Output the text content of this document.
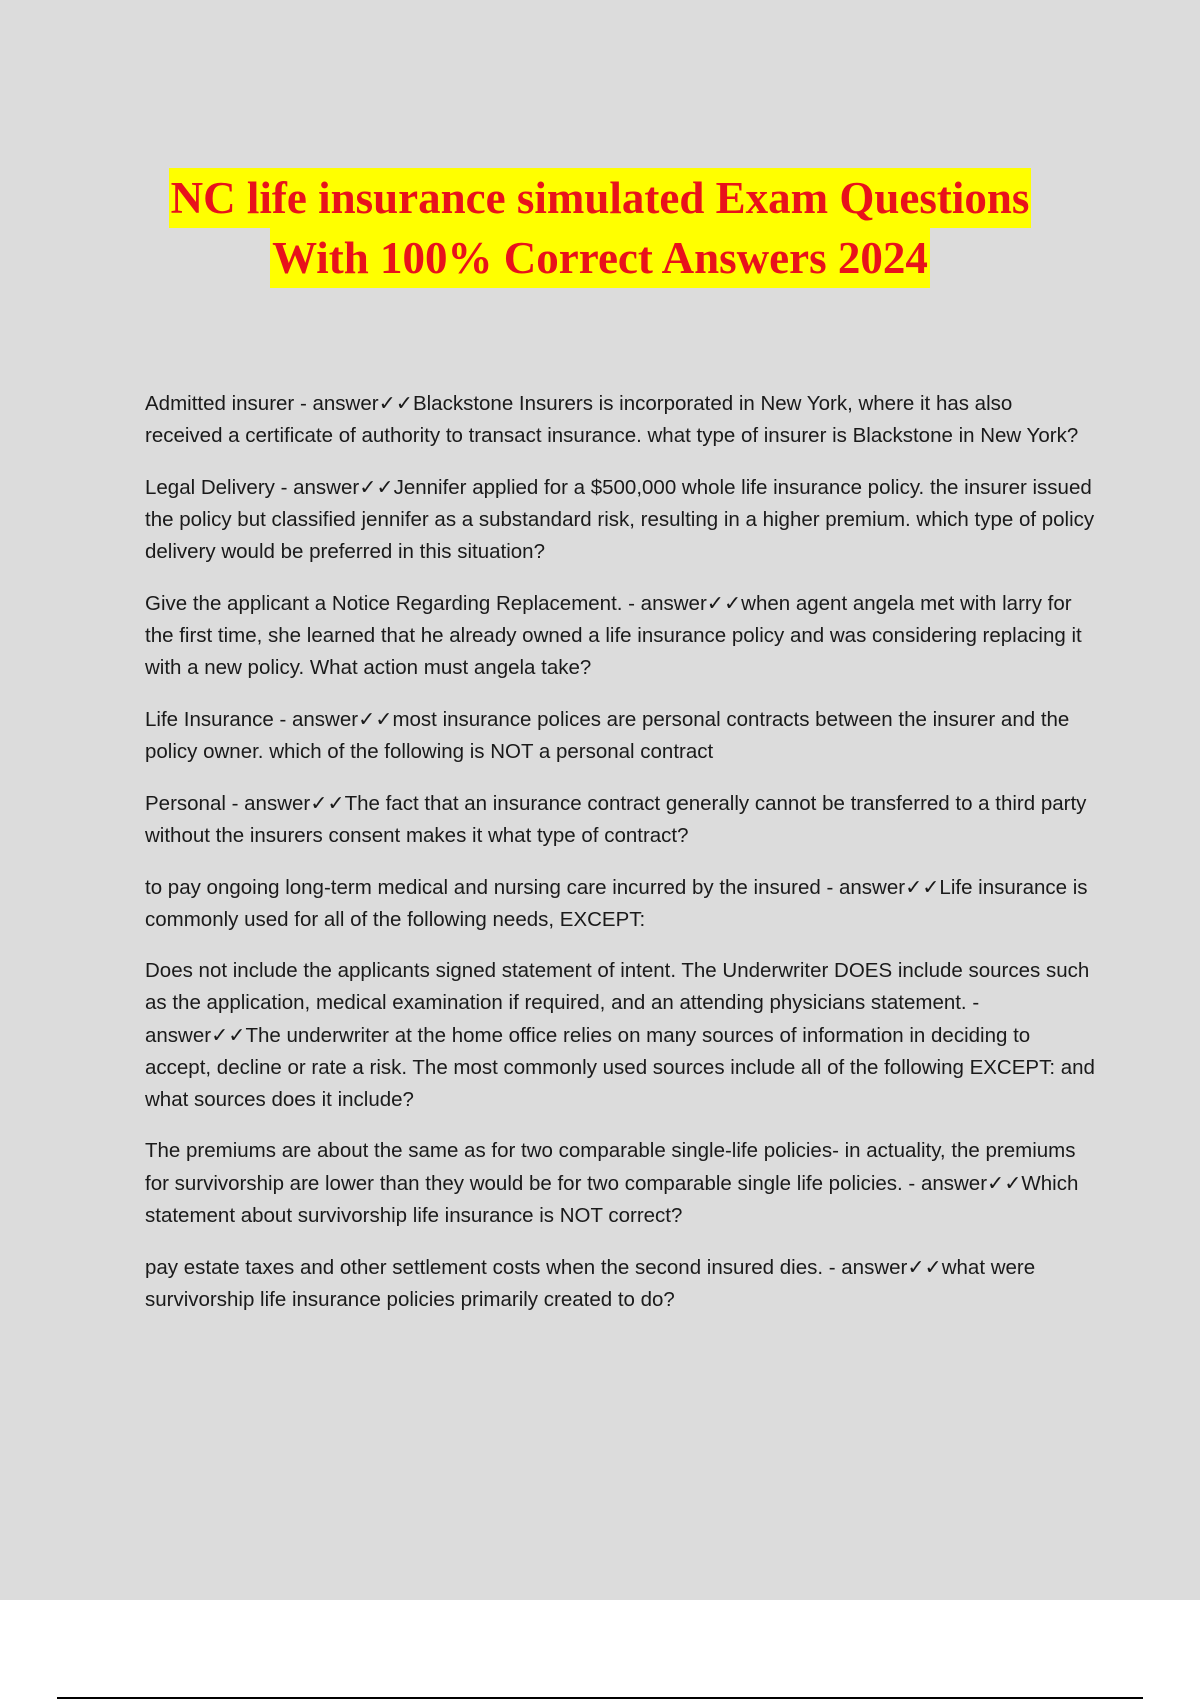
NC life insurance simulated Exam Questions
With 100% Correct Answers 2024

Admitted insurer - answer✓✓Blackstone Insurers is incorporated in New York, where it has also received a certificate of authority to transact insurance. what type of insurer is Blackstone in New York?

Legal Delivery - answer✓✓Jennifer applied for a $500,000 whole life insurance policy. the insurer issued the policy but classified jennifer as a substandard risk, resulting in a higher premium. which type of policy delivery would be preferred in this situation?

Give the applicant a Notice Regarding Replacement. - answer✓✓when agent angela met with larry for the first time, she learned that he already owned a life insurance policy and was considering replacing it with a new policy. What action must angela take?

Life Insurance - answer✓✓most insurance polices are personal contracts between the insurer and the policy owner. which of the following is NOT a personal contract

Personal - answer✓✓The fact that an insurance contract generally cannot be transferred to a third party without the insurers consent makes it what type of contract?

to pay ongoing long-term medical and nursing care incurred by the insured - answer✓✓Life insurance is commonly used for all of the following needs, EXCEPT:

Does not include the applicants signed statement of intent. The Underwriter DOES include sources such as the application, medical examination if required, and an attending physicians statement. - answer✓✓The underwriter at the home office relies on many sources of information in deciding to accept, decline or rate a risk. The most commonly used sources include all of the following EXCEPT: and what sources does it include?

The premiums are about the same as for two comparable single-life policies- in actuality, the premiums for survivorship are lower than they would be for two comparable single life policies. - answer✓✓Which statement about survivorship life insurance is NOT correct?

pay estate taxes and other settlement costs when the second insured dies. - answer✓✓what were survivorship life insurance policies primarily created to do?
